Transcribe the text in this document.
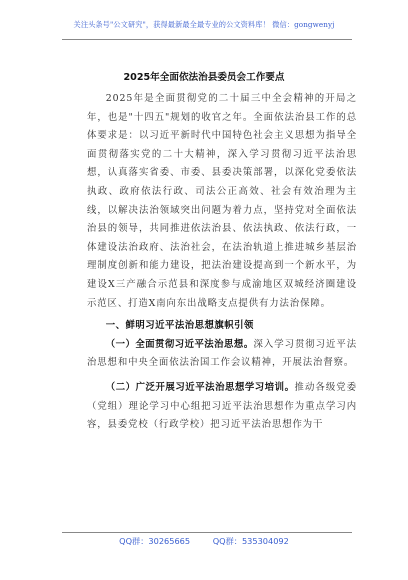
关注头条号"公文研究"，获得最新最全最专业的公文资料库！ 微信：gongwenyj
2025年全面依法治县委员会工作要点

2025年是全面贯彻党的二十届三中全会精神的开局之年，也是"十四五"规划的收官之年。全面依法治县工作的总体要求是：以习近平新时代中国特色社会主义思想为指导全面贯彻落实党的二十大精神，深入学习贯彻习近平法治思想，认真落实省委、市委、县委决策部署，以深化党委依法执政、政府依法行政、司法公正高效、社会有效治理为主线，以解决法治领域突出问题为着力点，坚持党对全面依法治县的领导，共同推进依法治县、依法执政、依法行政，一体建设法治政府、法治社会，在法治轨道上推进城乡基层治理制度创新和能力建设，把法治建设提高到一个新水平，为建设X三产融合示范县和深度参与成渝地区双城经济圈建设示范区、打造X南向东出战略支点提供有力法治保障。

一、鲜明习近平法治思想旗帜引领

（一）全面贯彻习近平法治思想。深入学习贯彻习近平法治思想和中央全面依法治国工作会议精神，开展法治督察。

（二）广泛开展习近平法治思想学习培训。推动各级党委（党组）理论学习中心组把习近平法治思想作为重点学习内容，县委党校（行政学校）把习近平法治思想作为干

QQ群：30265665	QQ群：535304092
